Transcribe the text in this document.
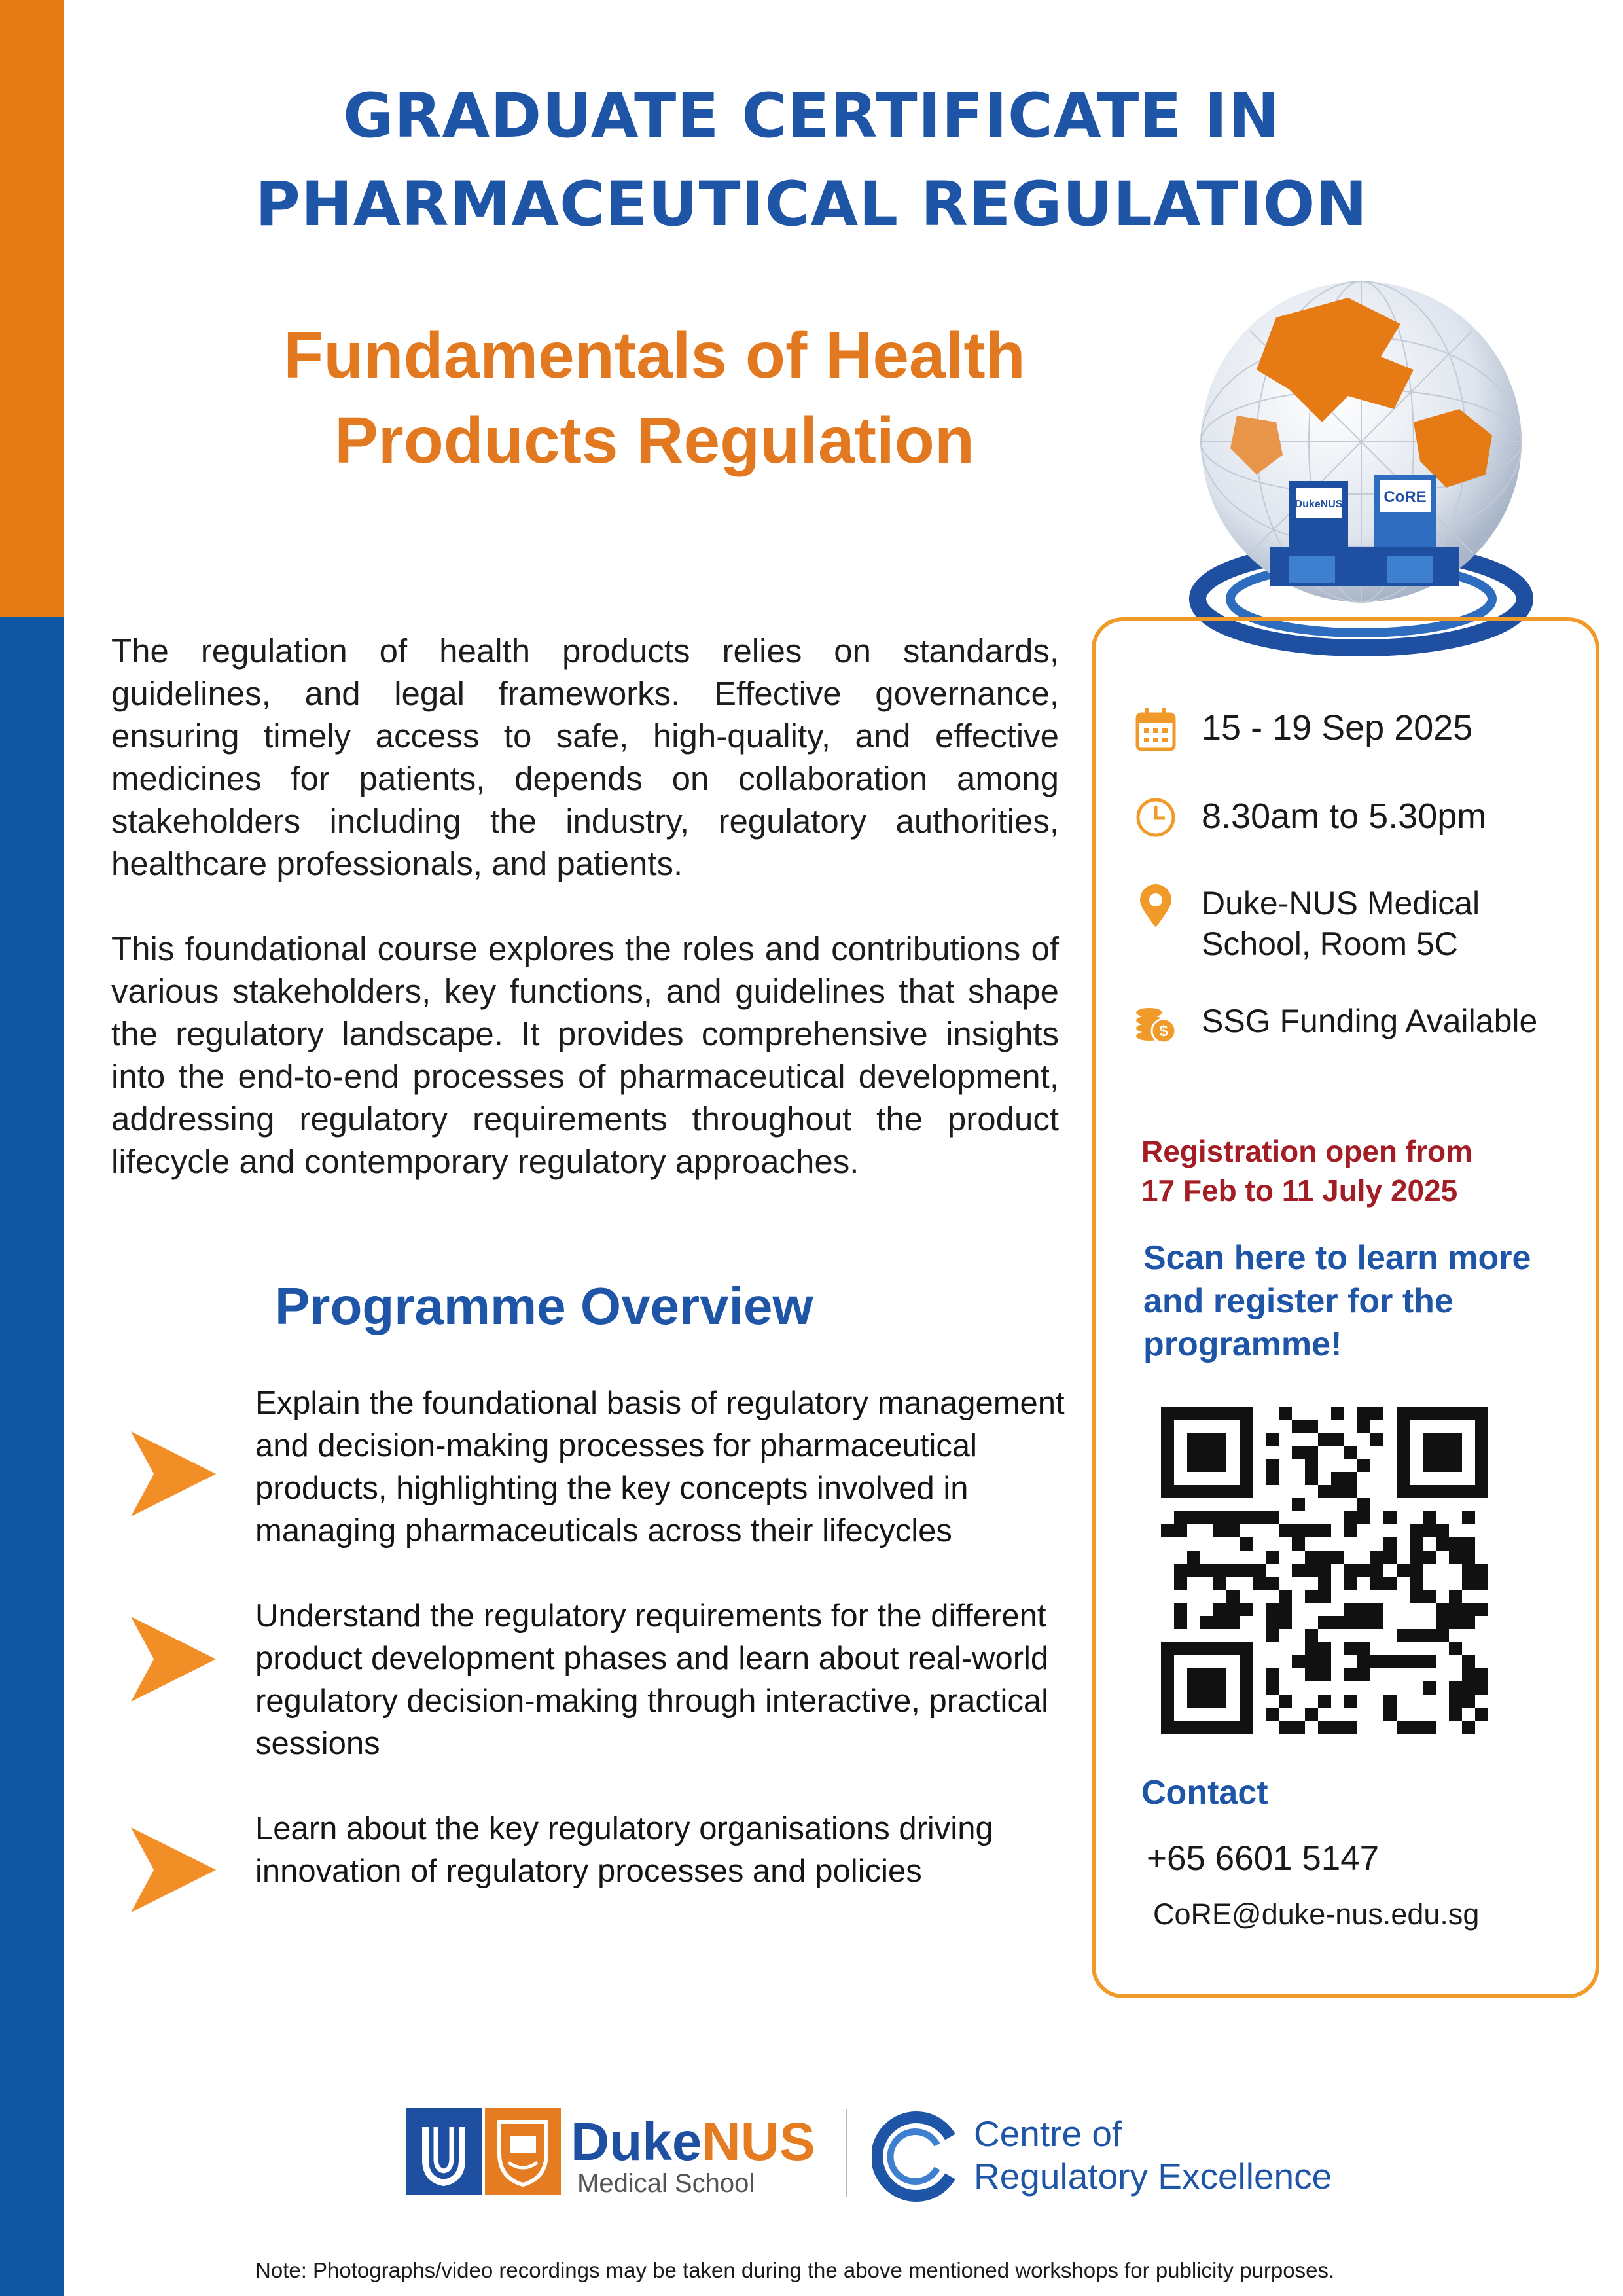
GRADUATE CERTIFICATE IN
PHARMACEUTICAL REGULATION
Fundamentals of Health
Products Regulation
DukeNUS	CoRE

The regulation of health products relies on standards, guidelines, and legal frameworks. Effective governance, ensuring timely access to safe, high-quality, and effective medicines for patients, depends on collaboration among stakeholders including the industry, regulatory authorities, healthcare professionals, and patients.

This foundational course explores the roles and contributions of various stakeholders, key functions, and guidelines that shape the regulatory landscape. It provides comprehensive insights into the end-to-end processes of pharmaceutical development, addressing regulatory requirements throughout the product lifecycle and contemporary regulatory approaches.

Programme Overview
Explain the foundational basis of regulatory management and decision-making processes for pharmaceutical products, highlighting the key concepts involved in managing pharmaceuticals across their lifecycles
Understand the regulatory requirements for the different product development phases and learn about real-world regulatory decision-making through interactive, practical sessions
Learn about the key regulatory organisations driving innovation of regulatory processes and policies
15 - 19 Sep 2025
8.30am to 5.30pm
Duke-NUS Medical
School, Room 5C
$ SSG Funding Available
Registration open from
17 Feb to 11 July 2025
Scan here to learn more
and register for the
programme!
Contact
+65 6601 5147
CoRE@duke-nus.edu.sg
DukeNUS
Medical School
Centre of
Regulatory Excellence
Note: Photographs/video recordings may be taken during the above mentioned workshops for publicity purposes.
